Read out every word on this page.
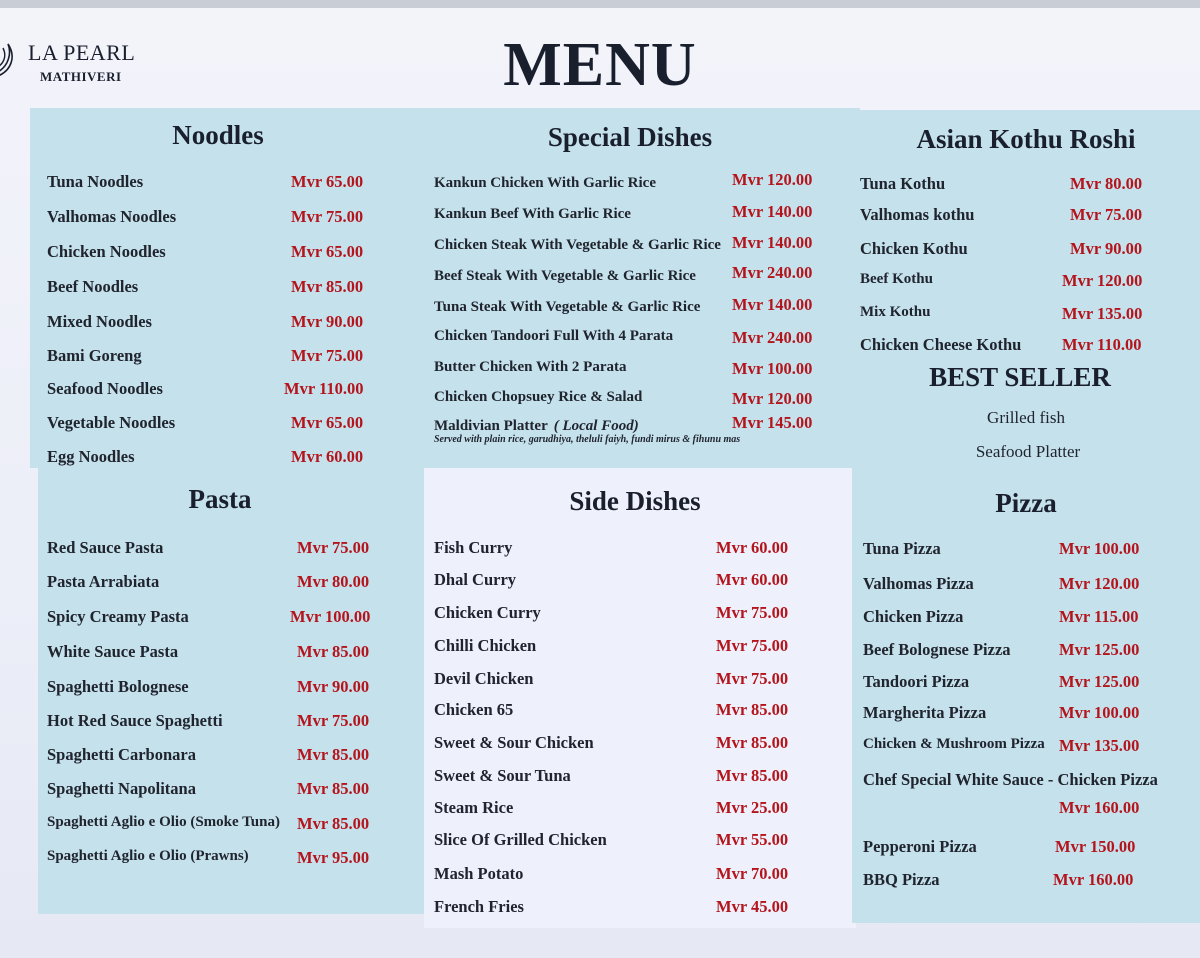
LA PEARL
MATHIVERI	MENU
Noodles
Tuna Noodles	Mvr 65.00
Valhomas Noodles	Mvr 75.00
Chicken Noodles	Mvr 65.00
Beef Noodles	Mvr 85.00
Mixed Noodles	Mvr 90.00
Bami Goreng	Mvr 75.00
Seafood Noodles	Mvr 110.00
Vegetable Noodles	Mvr 65.00
Egg Noodles	Mvr 60.00
Special Dishes
Kankun Chicken With Garlic Rice	Mvr 120.00
Kankun Beef With Garlic Rice	Mvr 140.00
Chicken Steak With Vegetable & Garlic Rice Mvr 140.00
Beef Steak With Vegetable & Garlic Rice Mvr 240.00
Tuna Steak With Vegetable & Garlic Rice Mvr 140.00
Chicken Tandoori Full With 4 Parata	Mvr 240.00
Butter Chicken With 2 Parata	Mvr 100.00
Chicken Chopsuey Rice & Salad	Mvr 120.00
Maldivian Platter ( Local Food)	Mvr 145.00
Served with plain rice, garudhiya, theluli faiyh, fundi mirus & fihunu mas
Asian Kothu Roshi
Tuna Kothu	Mvr 80.00
Valhomas kothu	Mvr 75.00
Chicken Kothu	Mvr 90.00
Beef Kothu	Mvr 120.00
Mix Kothu	Mvr 135.00
Chicken Cheese Kothu Mvr 110.00
BEST SELLER
Grilled fish
Seafood Platter
Pasta
Red Sauce Pasta	Mvr 75.00
Pasta Arrabiata	Mvr 80.00
Spicy Creamy Pasta	Mvr 100.00
White Sauce Pasta	Mvr 85.00
Spaghetti Bolognese	Mvr 90.00
Hot Red Sauce Spaghetti	Mvr 75.00
Spaghetti Carbonara	Mvr 85.00
Spaghetti Napolitana	Mvr 85.00
Spaghetti Aglio e Olio (Smoke Tuna) Mvr 85.00
Spaghetti Aglio e Olio (Prawns)	Mvr 95.00
Side Dishes
Fish Curry	Mvr 60.00
Dhal Curry	Mvr 60.00
Chicken Curry	Mvr 75.00
Chilli Chicken	Mvr 75.00
Devil Chicken	Mvr 75.00
Chicken 65	Mvr 85.00
Sweet & Sour Chicken	Mvr 85.00
Sweet & Sour Tuna	Mvr 85.00
Steam Rice	Mvr 25.00
Slice Of Grilled Chicken	Mvr 55.00
Mash Potato	Mvr 70.00
French Fries	Mvr 45.00
Pizza
Tuna Pizza	Mvr 100.00
Valhomas Pizza	Mvr 120.00
Chicken Pizza	Mvr 115.00
Beef Bolognese Pizza	Mvr 125.00
Tandoori Pizza	Mvr 125.00
Margherita Pizza	Mvr 100.00
Chicken & Mushroom Pizza Mvr 135.00
Chef Special White Sauce - Chicken Pizza
Mvr 160.00
Pepperoni Pizza	Mvr 150.00
BBQ Pizza	Mvr 160.00
